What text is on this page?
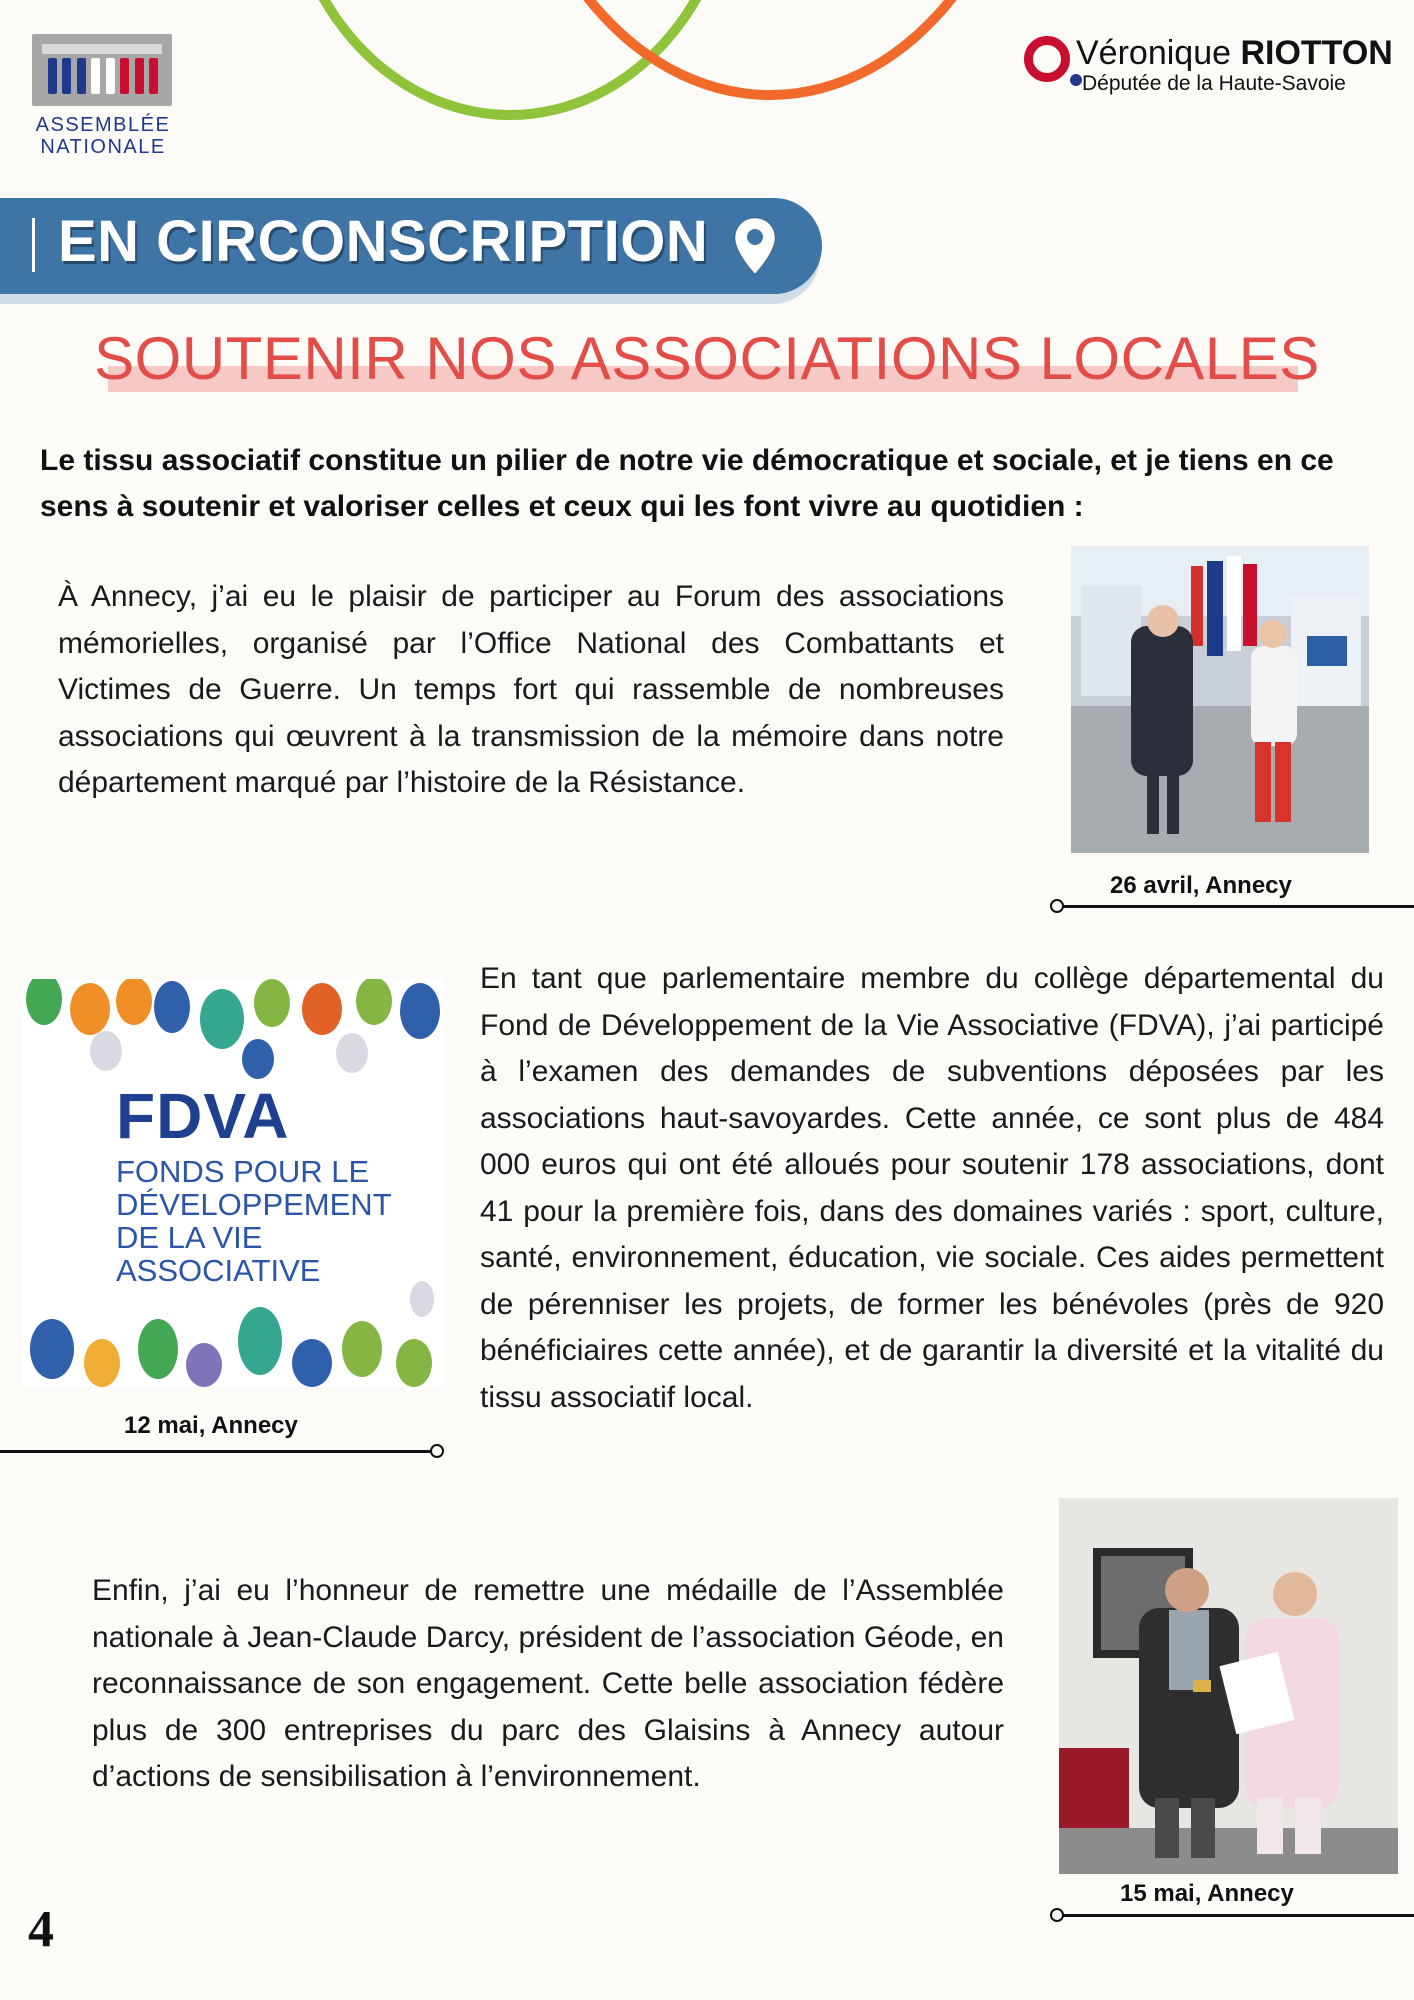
ASSEMBLÉE
NATIONALE
Véronique RIOTTON
Députée de la Haute-Savoie
EN CIRCONSCRIPTION
SOUTENIR NOS ASSOCIATIONS LOCALES
Le tissu associatif constitue un pilier de notre vie démocratique et sociale, et je tiens en ce sens à soutenir et valoriser celles et ceux qui les font vivre au quotidien :
À Annecy, j’ai eu le plaisir de participer au Forum des associations mémorielles, organisé par l’Office National des Combattants et Victimes de Guerre. Un temps fort qui rassemble de nombreuses associations qui œuvrent à la transmission de la mémoire dans notre département marqué par l’histoire de la Résistance.
26 avril, Annecy
FDVA
FONDS POUR LE DÉVELOPPEMENT DE LA VIE ASSOCIATIVE
En tant que parlementaire membre du collège départemental du Fond de Développement de la Vie Associative (FDVA), j’ai participé à l’examen des demandes de subventions déposées par les associations haut-savoyardes. Cette année, ce sont plus de 484 000 euros qui ont été alloués pour soutenir 178 associations, dont 41 pour la première fois, dans des domaines variés : sport, culture, santé, environnement, éducation, vie sociale. Ces aides permettent de pérenniser les projets, de former les bénévoles (près de 920 bénéficiaires cette année), et de garantir la diversité et la vitalité du tissu associatif local.
12 mai, Annecy
Enfin, j’ai eu l’honneur de remettre une médaille de l’Assemblée nationale à Jean-Claude Darcy, président de l’association Géode, en reconnaissance de son engagement. Cette belle association fédère plus de 300 entreprises du parc des Glaisins à Annecy autour d’actions de sensibilisation à l’environnement.
15 mai, Annecy
4
